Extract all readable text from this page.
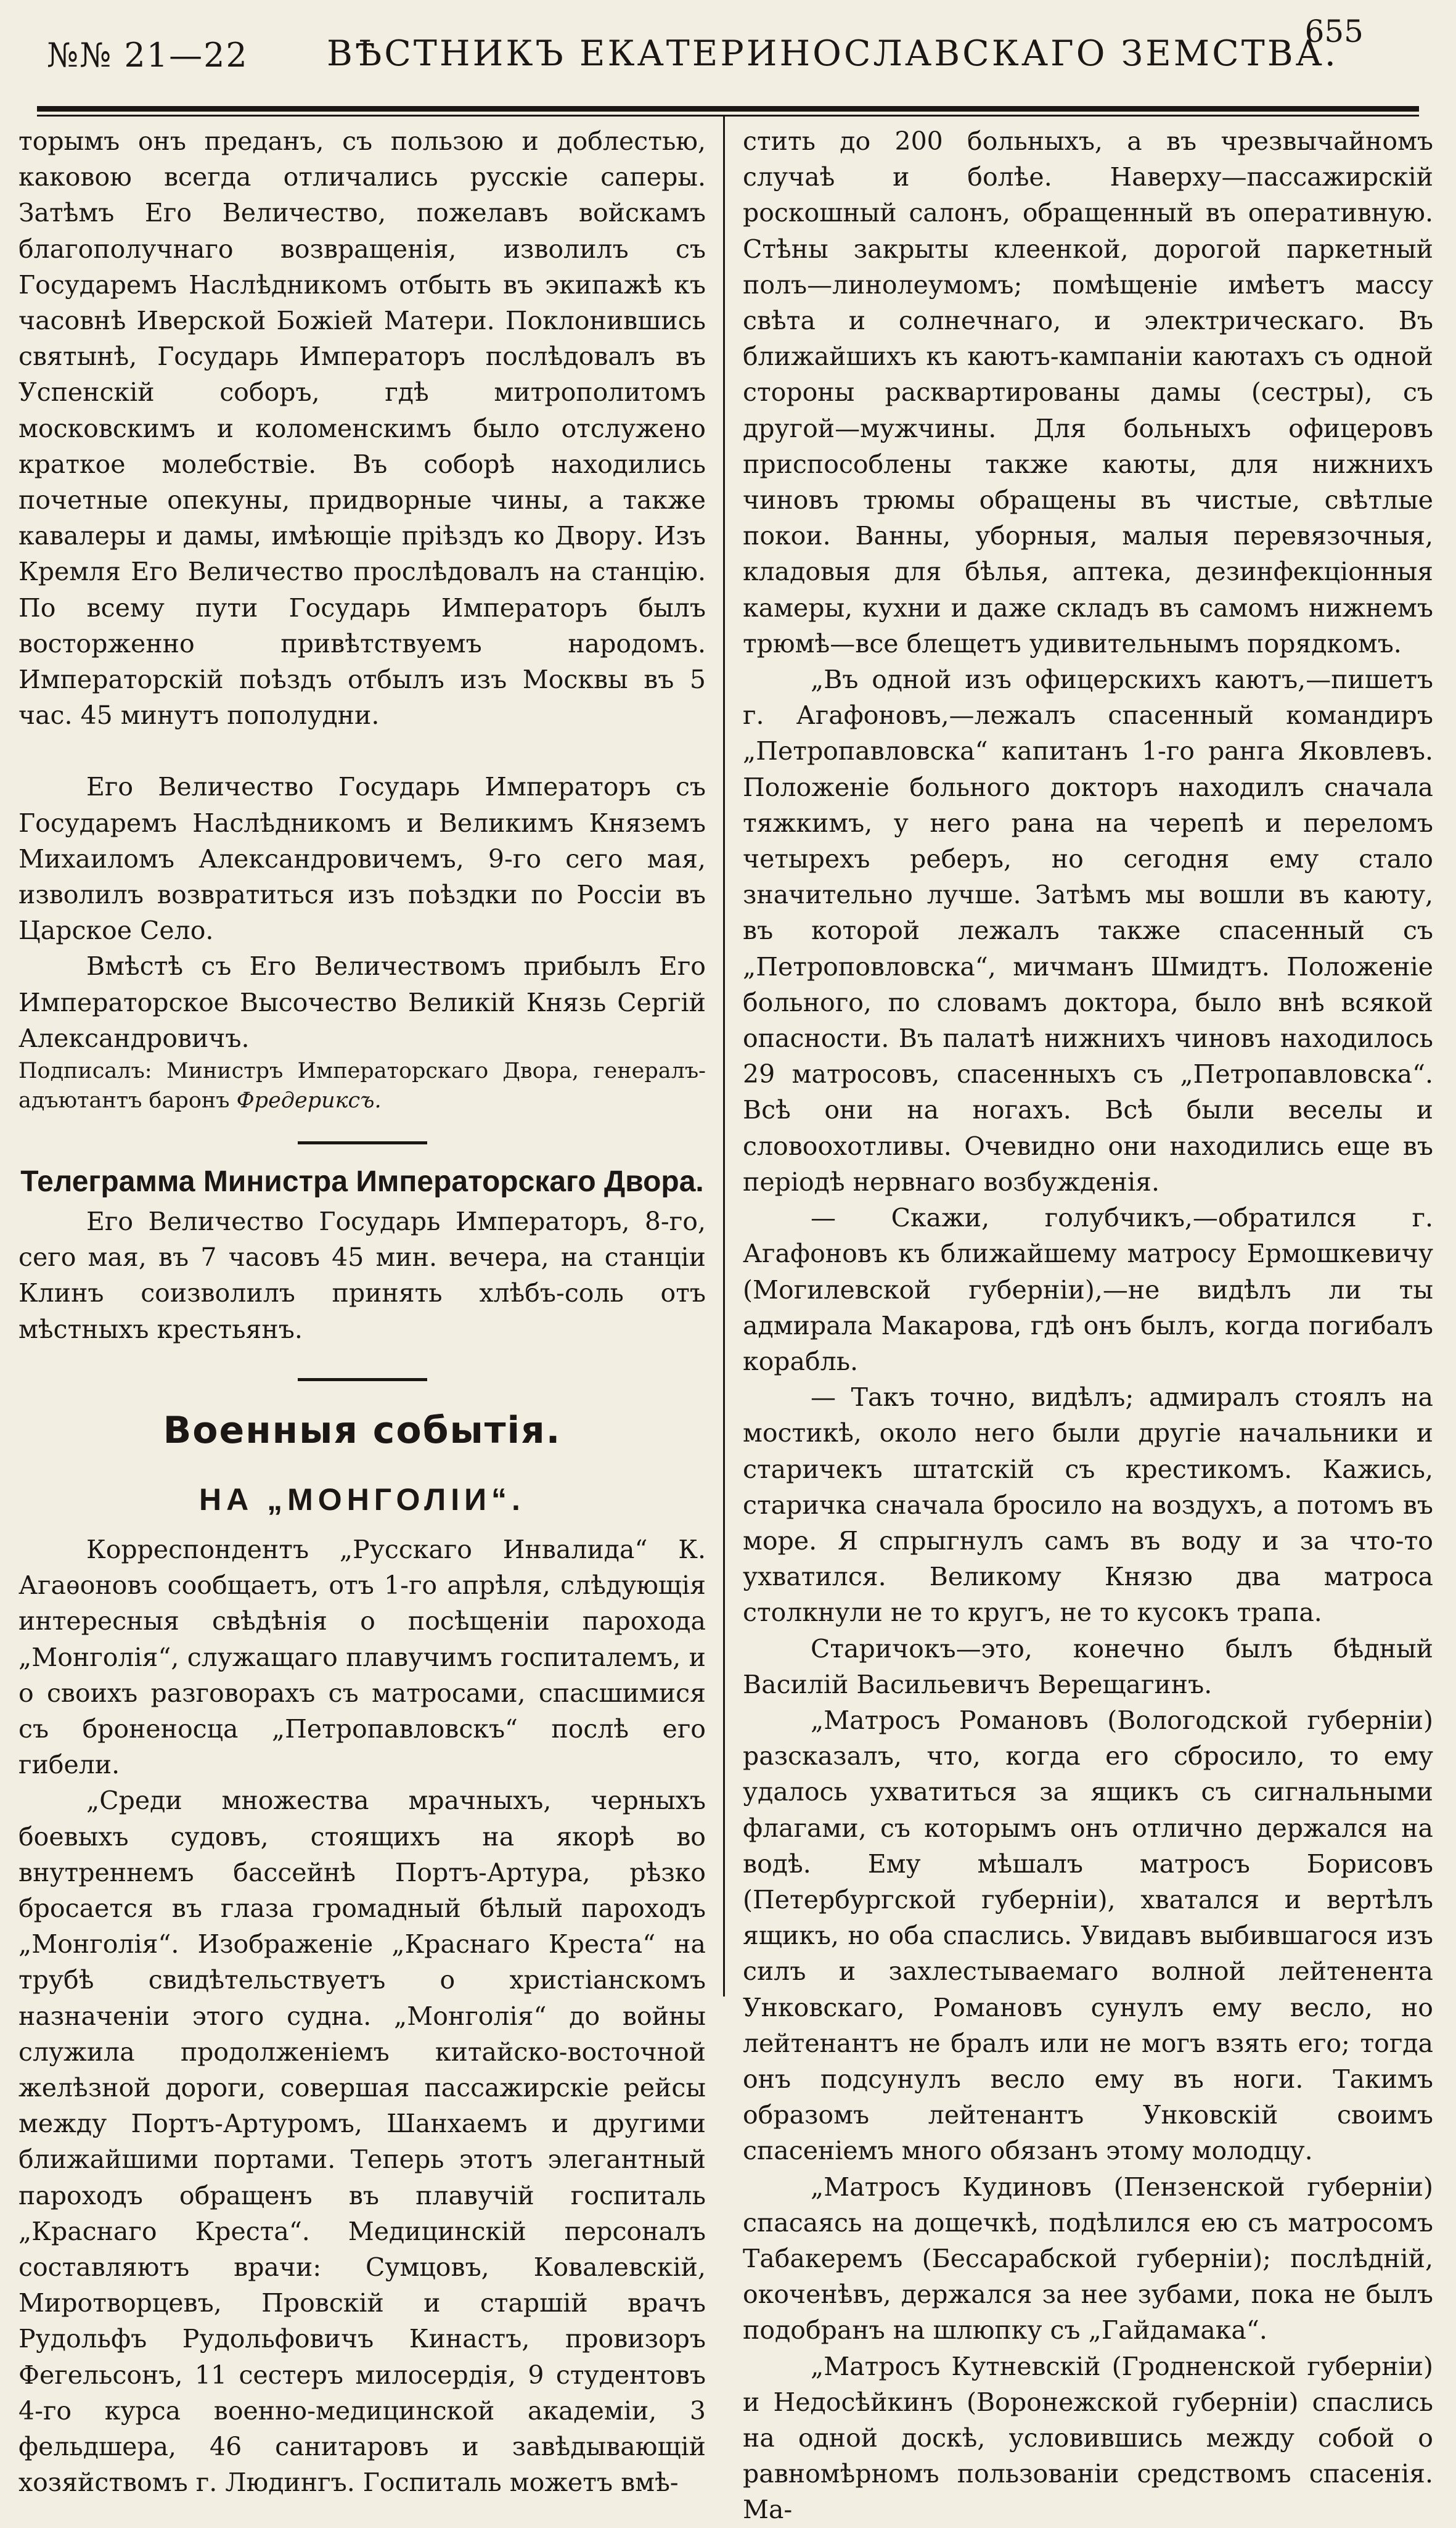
№№ 21—22 ВѢСТНИКЪ ЕКАТЕРИНОСЛАВСКАГО ЗЕМСТВА.
655

торымъ онъ преданъ, съ пользою и доблестью, каковою всегда отличались русскіе саперы. Затѣмъ Его Величество, пожелавъ войскамъ благополучнаго возвращенія, изволилъ съ Государемъ Наслѣдникомъ отбыть въ экипажѣ къ часовнѣ Иверской Божіей Матери. Поклонившись святынѣ, Государь Императоръ послѣдовалъ въ Успенскій соборъ, гдѣ митрополитомъ московскимъ и коломенскимъ было отслужено краткое молебствіе. Въ соборѣ находились почетные опекуны, придворные чины, а также кавалеры и дамы, имѣющіе пріѣздъ ко Двору. Изъ Кремля Его Величество прослѣдовалъ на станцію. По всему пути Государь Императоръ былъ восторженно привѣтствуемъ народомъ. Императорскій поѣздъ отбылъ изъ Москвы въ 5 час. 45 минутъ пополудни.

Его Величество Государь Императоръ съ Государемъ Наслѣдникомъ и Великимъ Княземъ Михаиломъ Александровичемъ, 9-го сего мая, изволилъ возвратиться изъ поѣздки по Россіи въ Царское Село.

Вмѣстѣ съ Его Величествомъ прибылъ Его Императорское Высочество Великій Князь Сергій Александровичъ.

Подписалъ: Министръ Императорскаго Двора, генералъ-адъютантъ баронъ Фредериксъ.

Телеграмма Министра Императорскаго Двора.

Его Величество Государь Императоръ, 8-го, сего мая, въ 7 часовъ 45 мин. вечера, на станціи Клинъ соизволилъ принять хлѣбъ-соль отъ мѣстныхъ крестьянъ.

Военныя событія.
НА „МОНГОЛІИ“.

Корреспондентъ „Русскаго Инвалида“ К. Агаѳоновъ сообщаетъ, отъ 1-го апрѣля, слѣдующія интересныя свѣдѣнія о посѣщеніи парохода „Монголія“, служащаго плавучимъ госпиталемъ, и о своихъ разговорахъ съ матросами, спасшимися съ броненосца „Петропавловскъ“ послѣ его гибели.

„Среди множества мрачныхъ, черныхъ боевыхъ судовъ, стоящихъ на якорѣ во внутреннемъ бассейнѣ Портъ-Артура, рѣзко бросается въ глаза громадный бѣлый пароходъ „Монголія“. Изображеніе „Краснаго Креста“ на трубѣ свидѣтельствуетъ о христіанскомъ назначеніи этого судна. „Монголія“ до войны служила продолженіемъ китайско-восточной желѣзной дороги, совершая пассажирскіе рейсы между Портъ-Артуромъ, Шанхаемъ и другими ближайшими портами. Теперь этотъ элегантный пароходъ обращенъ въ плавучій госпиталь „Краснаго Креста“. Медицинскій персоналъ составляютъ врачи: Сумцовъ, Ковалевскій, Миротворцевъ, Провскій и старшій врачъ Рудольфъ Рудольфовичъ Кинастъ, провизоръ Фегельсонъ, 11 сестеръ милосердія, 9 студентовъ 4-го курса военно-медицинской академіи, 3 фельдшера, 46 санитаровъ и завѣдывающій хозяйствомъ г. Людингъ. Госпиталь можетъ вмѣ-

стить до 200 больныхъ, а въ чрезвычайномъ случаѣ и болѣе. Наверху—пассажирскій роскошный салонъ, обращенный въ оперативную. Стѣны закрыты клеенкой, дорогой паркетный полъ—линолеумомъ; помѣщеніе имѣетъ массу свѣта и солнечнаго, и электрическаго. Въ ближайшихъ къ каютъ-кампаніи каютахъ съ одной стороны расквартированы дамы (сестры), съ другой—мужчины. Для больныхъ офицеровъ приспособлены также каюты, для нижнихъ чиновъ трюмы обращены въ чистые, свѣтлые покои. Ванны, уборныя, малыя перевязочныя, кладовыя для бѣлья, аптека, дезинфекціонныя камеры, кухни и даже складъ въ самомъ нижнемъ трюмѣ—все блещетъ удивительнымъ порядкомъ.

„Въ одной изъ офицерскихъ каютъ,—пишетъ г. Агафоновъ,—лежалъ спасенный командиръ „Петропавловска“ капитанъ 1-го ранга Яковлевъ. Положеніе больного докторъ находилъ сначала тяжкимъ, у него рана на черепѣ и переломъ четырехъ реберъ, но сегодня ему стало значительно лучше. Затѣмъ мы вошли въ каюту, въ которой лежалъ также спасенный съ „Петроповловска“, мичманъ Шмидтъ. Положеніе больного, по словамъ доктора, было внѣ всякой опасности. Въ палатѣ нижнихъ чиновъ находилось 29 матросовъ, спасенныхъ съ „Петропавловска“. Всѣ они на ногахъ. Всѣ были веселы и словоохотливы. Очевидно они находились еще въ періодѣ нервнаго возбужденія.

— Скажи, голубчикъ,—обратился г. Агафоновъ къ ближайшему матросу Ермошкевичу (Могилевской губерніи),—не видѣлъ ли ты адмирала Макарова, гдѣ онъ былъ, когда погибалъ корабль.

— Такъ точно, видѣлъ; адмиралъ стоялъ на мостикѣ, около него были другіе начальники и старичекъ штатскій съ крестикомъ. Кажись, старичка сначала бросило на воздухъ, а потомъ въ море. Я спрыгнулъ самъ въ воду и за что-то ухватился. Великому Князю два матроса столкнули не то кругъ, не то кусокъ трапа.

Старичокъ—это, конечно былъ бѣдный Василій Васильевичъ Верещагинъ.

„Матросъ Романовъ (Вологодской губерніи) разсказалъ, что, когда его сбросило, то ему удалось ухватиться за ящикъ съ сигнальными флагами, съ которымъ онъ отлично держался на водѣ. Ему мѣшалъ матросъ Борисовъ (Петербургской губерніи), хватался и вертѣлъ ящикъ, но оба спаслись. Увидавъ выбившагося изъ силъ и захлестываемаго волной лейтенента Унковскаго, Романовъ сунулъ ему весло, но лейтенантъ не бралъ или не могъ взять его; тогда онъ подсунулъ весло ему въ ноги. Такимъ образомъ лейтенантъ Унковскій своимъ спасеніемъ много обязанъ этому молодцу.

„Матросъ Кудиновъ (Пензенской губерніи) спасаясь на дощечкѣ, подѣлился ею съ матросомъ Табакеремъ (Бессарабской губерніи); послѣдній, окоченѣвъ, держался за нее зубами, пока не былъ подобранъ на шлюпку съ „Гайдамака“.

„Матросъ Кутневскій (Гродненской губерніи) и Недосѣйкинъ (Воронежской губерніи) спаслись на одной доскѣ, условившись между собой о равномѣрномъ пользованіи средствомъ спасенія. Ма-
